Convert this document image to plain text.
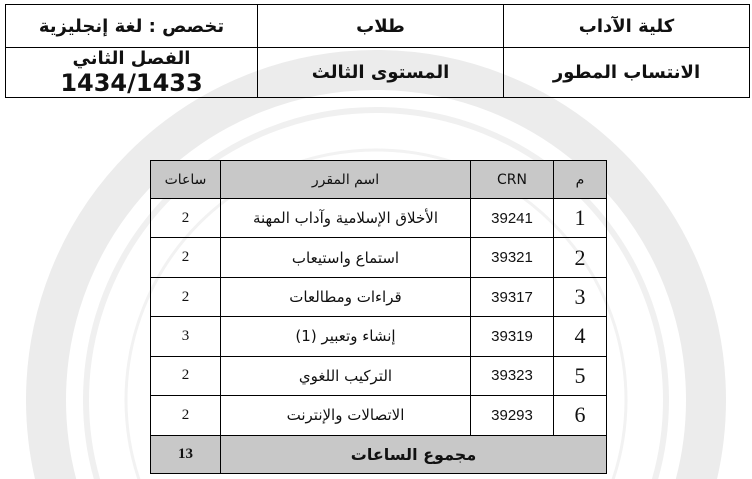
كلية الآداب	طلاب	تخصص : لغة إنجليزية
الانتساب المطور	المستوى الثالث	الفصل الثاني 1434/1433
م	CRN	اسم المقرر	ساعات
1	39241	الأخلاق الإسلامية وآداب المهنة	2
2	39321	استماع واستيعاب	2
3	39317	قراءات ومطالعات	2
4	39319	إنشاء وتعبير (1)	3
5	39323	التركيب اللغوي	2
6	39293	الاتصالات والإنترنت	2
مجموع الساعات			13
